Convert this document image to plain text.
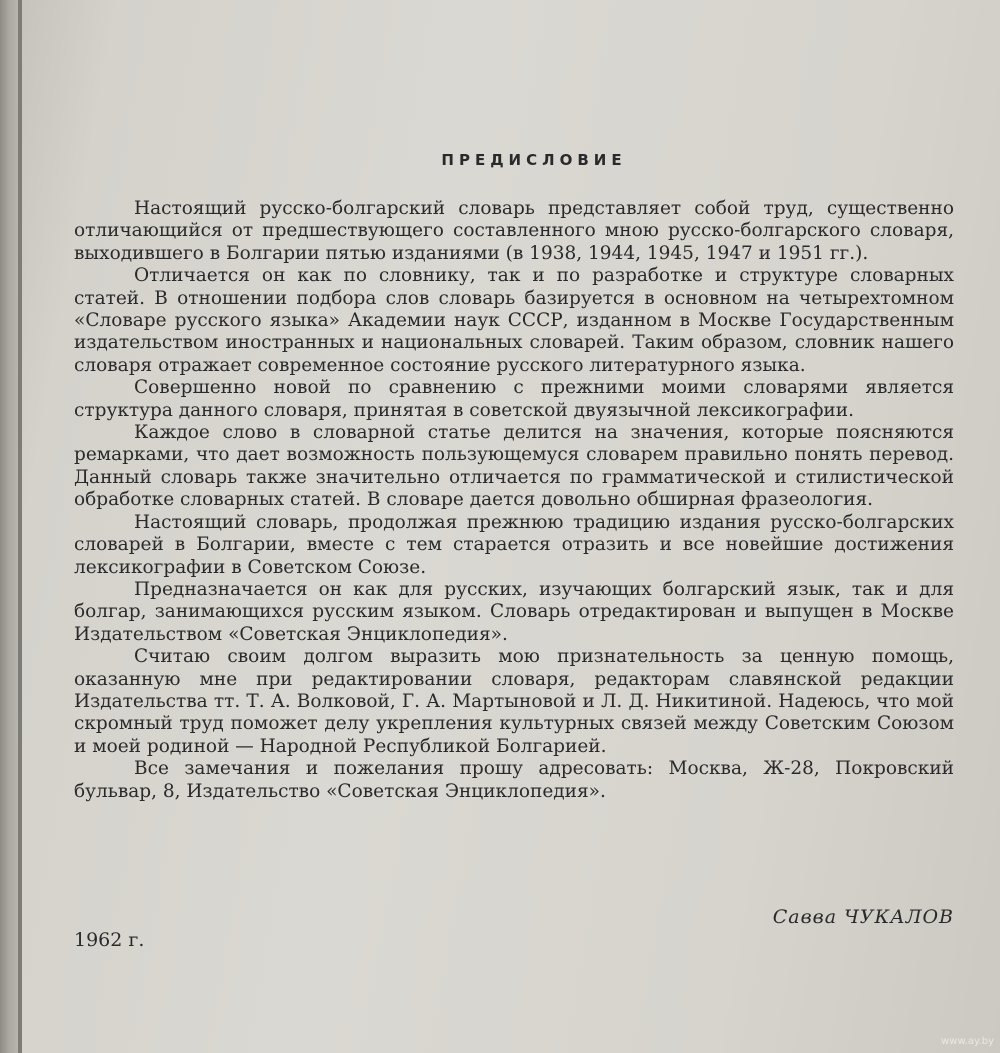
ПРЕДИСЛОВИЕ

Настоящий русско-болгарский словарь представляет собой труд, существенно отличающийся от предшествующего составленного мною русско-болгарского словаря, выходившего в Болгарии пятью изданиями (в 1938, 1944, 1945, 1947 и 1951 гг.).

Отличается он как по словнику, так и по разработке и структуре словарных статей. В отношении подбора слов словарь базируется в основном на четырехтомном «Словаре русского языка» Академии наук СССР, изданном в Москве Государственным издательством иностранных и национальных словарей. Таким образом, словник нашего словаря отражает современное состояние русского литературного языка.

Совершенно новой по сравнению с прежними моими словарями является структура данного словаря, принятая в советской двуязычной лексикографии.

Каждое слово в словарной статье делится на значения, которые поясняются ремарками, что дает возможность пользующемуся словарем правильно понять перевод. Данный словарь также значительно отличается по грамматической и стилистической обработке словарных статей. В словаре дается довольно обширная фразеология.

Настоящий словарь, продолжая прежнюю традицию издания русско-болгарских словарей в Болгарии, вместе с тем старается отразить и все новейшие достижения лексикографии в Советском Союзе.

Предназначается он как для русских, изучающих болгарский язык, так и для болгар, занимающихся русским языком. Словарь отредактирован и выпущен в Москве Издательством «Советская Энциклопедия».

Считаю своим долгом выразить мою признательность за ценную помощь, оказанную мне при редактировании словаря, редакторам славянской редакции Издательства тт. Т. А. Волковой, Г. А. Мартыновой и Л. Д. Никитиной. Надеюсь, что мой скромный труд поможет делу укрепления культурных связей между Советским Союзом и моей родиной — Народной Республикой Болгарией.

Все замечания и пожелания прошу адресовать: Москва, Ж-28, Покровский бульвар, 8, Издательство «Советская Энциклопедия».

Савва ЧУКАЛОВ
1962 г.
www.ay.by
